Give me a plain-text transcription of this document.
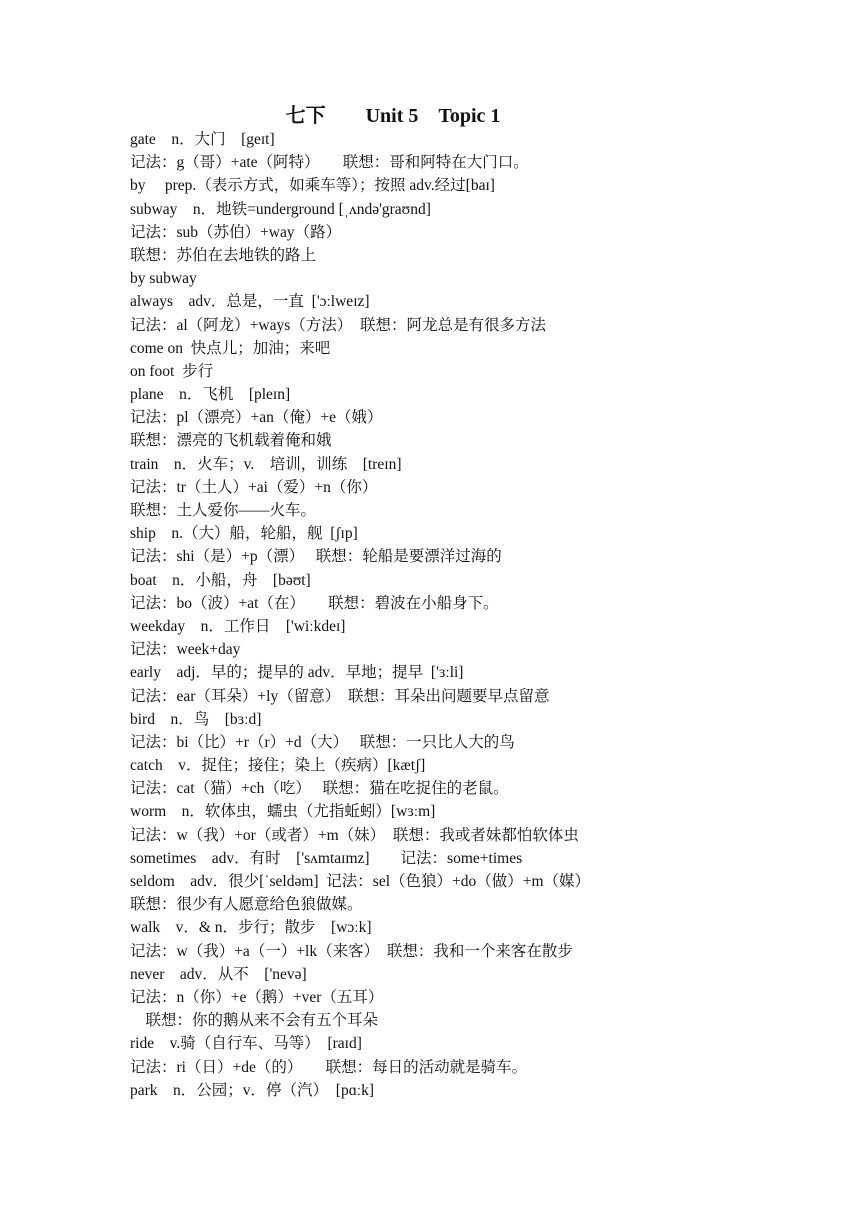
七下　　Unit 5　Topic 1
gate　n．大门　[geɪt]
记法：g（哥）+ate（阿特）　　联想：哥和阿特在大门口。
by　 prep.（表示方式，如乘车等）；按照 adv.经过[baɪ]
subway　n．地铁=underground [ˌʌndə'graʊnd]
记法：sub（苏伯）+way（路）
联想：苏伯在去地铁的路上
by subway
always　adv．总是，一直  ['ɔːlweɪz]
记法：al（阿龙）+ways（方法）  联想：阿龙总是有很多方法
come on  快点儿；加油；来吧
on foot  步行
plane　n．飞机　[pleɪn]
记法：pl（漂亮）+an（俺）+e（娥）
联想：漂亮的飞机载着俺和娥
train　n．火车；v.　培训，训练　[treɪn]
记法：tr（土人）+ai（爱）+n（你）
联想：土人爱你——火车。
ship　n.（大）船，轮船，舰  [ʃɪp]
记法：shi（是）+p（漂）　 联想：轮船是要漂洋过海的
boat　n．小船，舟　[bəʊt]
记法：bo（波）+at（在）　　联想：碧波在小船身下。
weekday　n．工作日　['wiːkdeɪ]
记法：week+day
early　adj．早的；提早的 adv．早地；提早  ['ɜːli]
记法：ear（耳朵）+ly（留意）  联想：耳朵出问题要早点留意
bird　n．鸟　[bɜːd]
记法：bi（比）+r（r）+d（大）　 联想：一只比人大的鸟
catch　v．捉住；接住；染上（疾病）[kætʃ]
记法：cat（猫）+ch（吃）　 联想：猫在吃捉住的老鼠。
worm　n．软体虫，蠕虫（尤指蚯蚓）[wɜːm]
记法：w（我）+or（或者）+m（妹）  联想：我或者妹都怕软体虫
sometimes　adv．有时　['sʌmtaɪmz]　　记法：some+times
seldom　adv．很少[ˈseldəm]  记法：sel（色狼）+do（做）+m（媒）
联想：很少有人愿意给色狼做媒。
walk　v．& n．步行；散步　[wɔːk]
记法：w（我）+a（一）+lk（来客）  联想：我和一个来客在散步
never　adv．从不　['nevə]
记法：n（你）+e（鹅）+ver（五耳）
　联想：你的鹅从来不会有五个耳朵
ride　v.骑（自行车、马等）　[raɪd]
记法：ri（日）+de（的）　　联想：每日的活动就是骑车。
park　n．公园；v．停（汽）　[pɑːk]
